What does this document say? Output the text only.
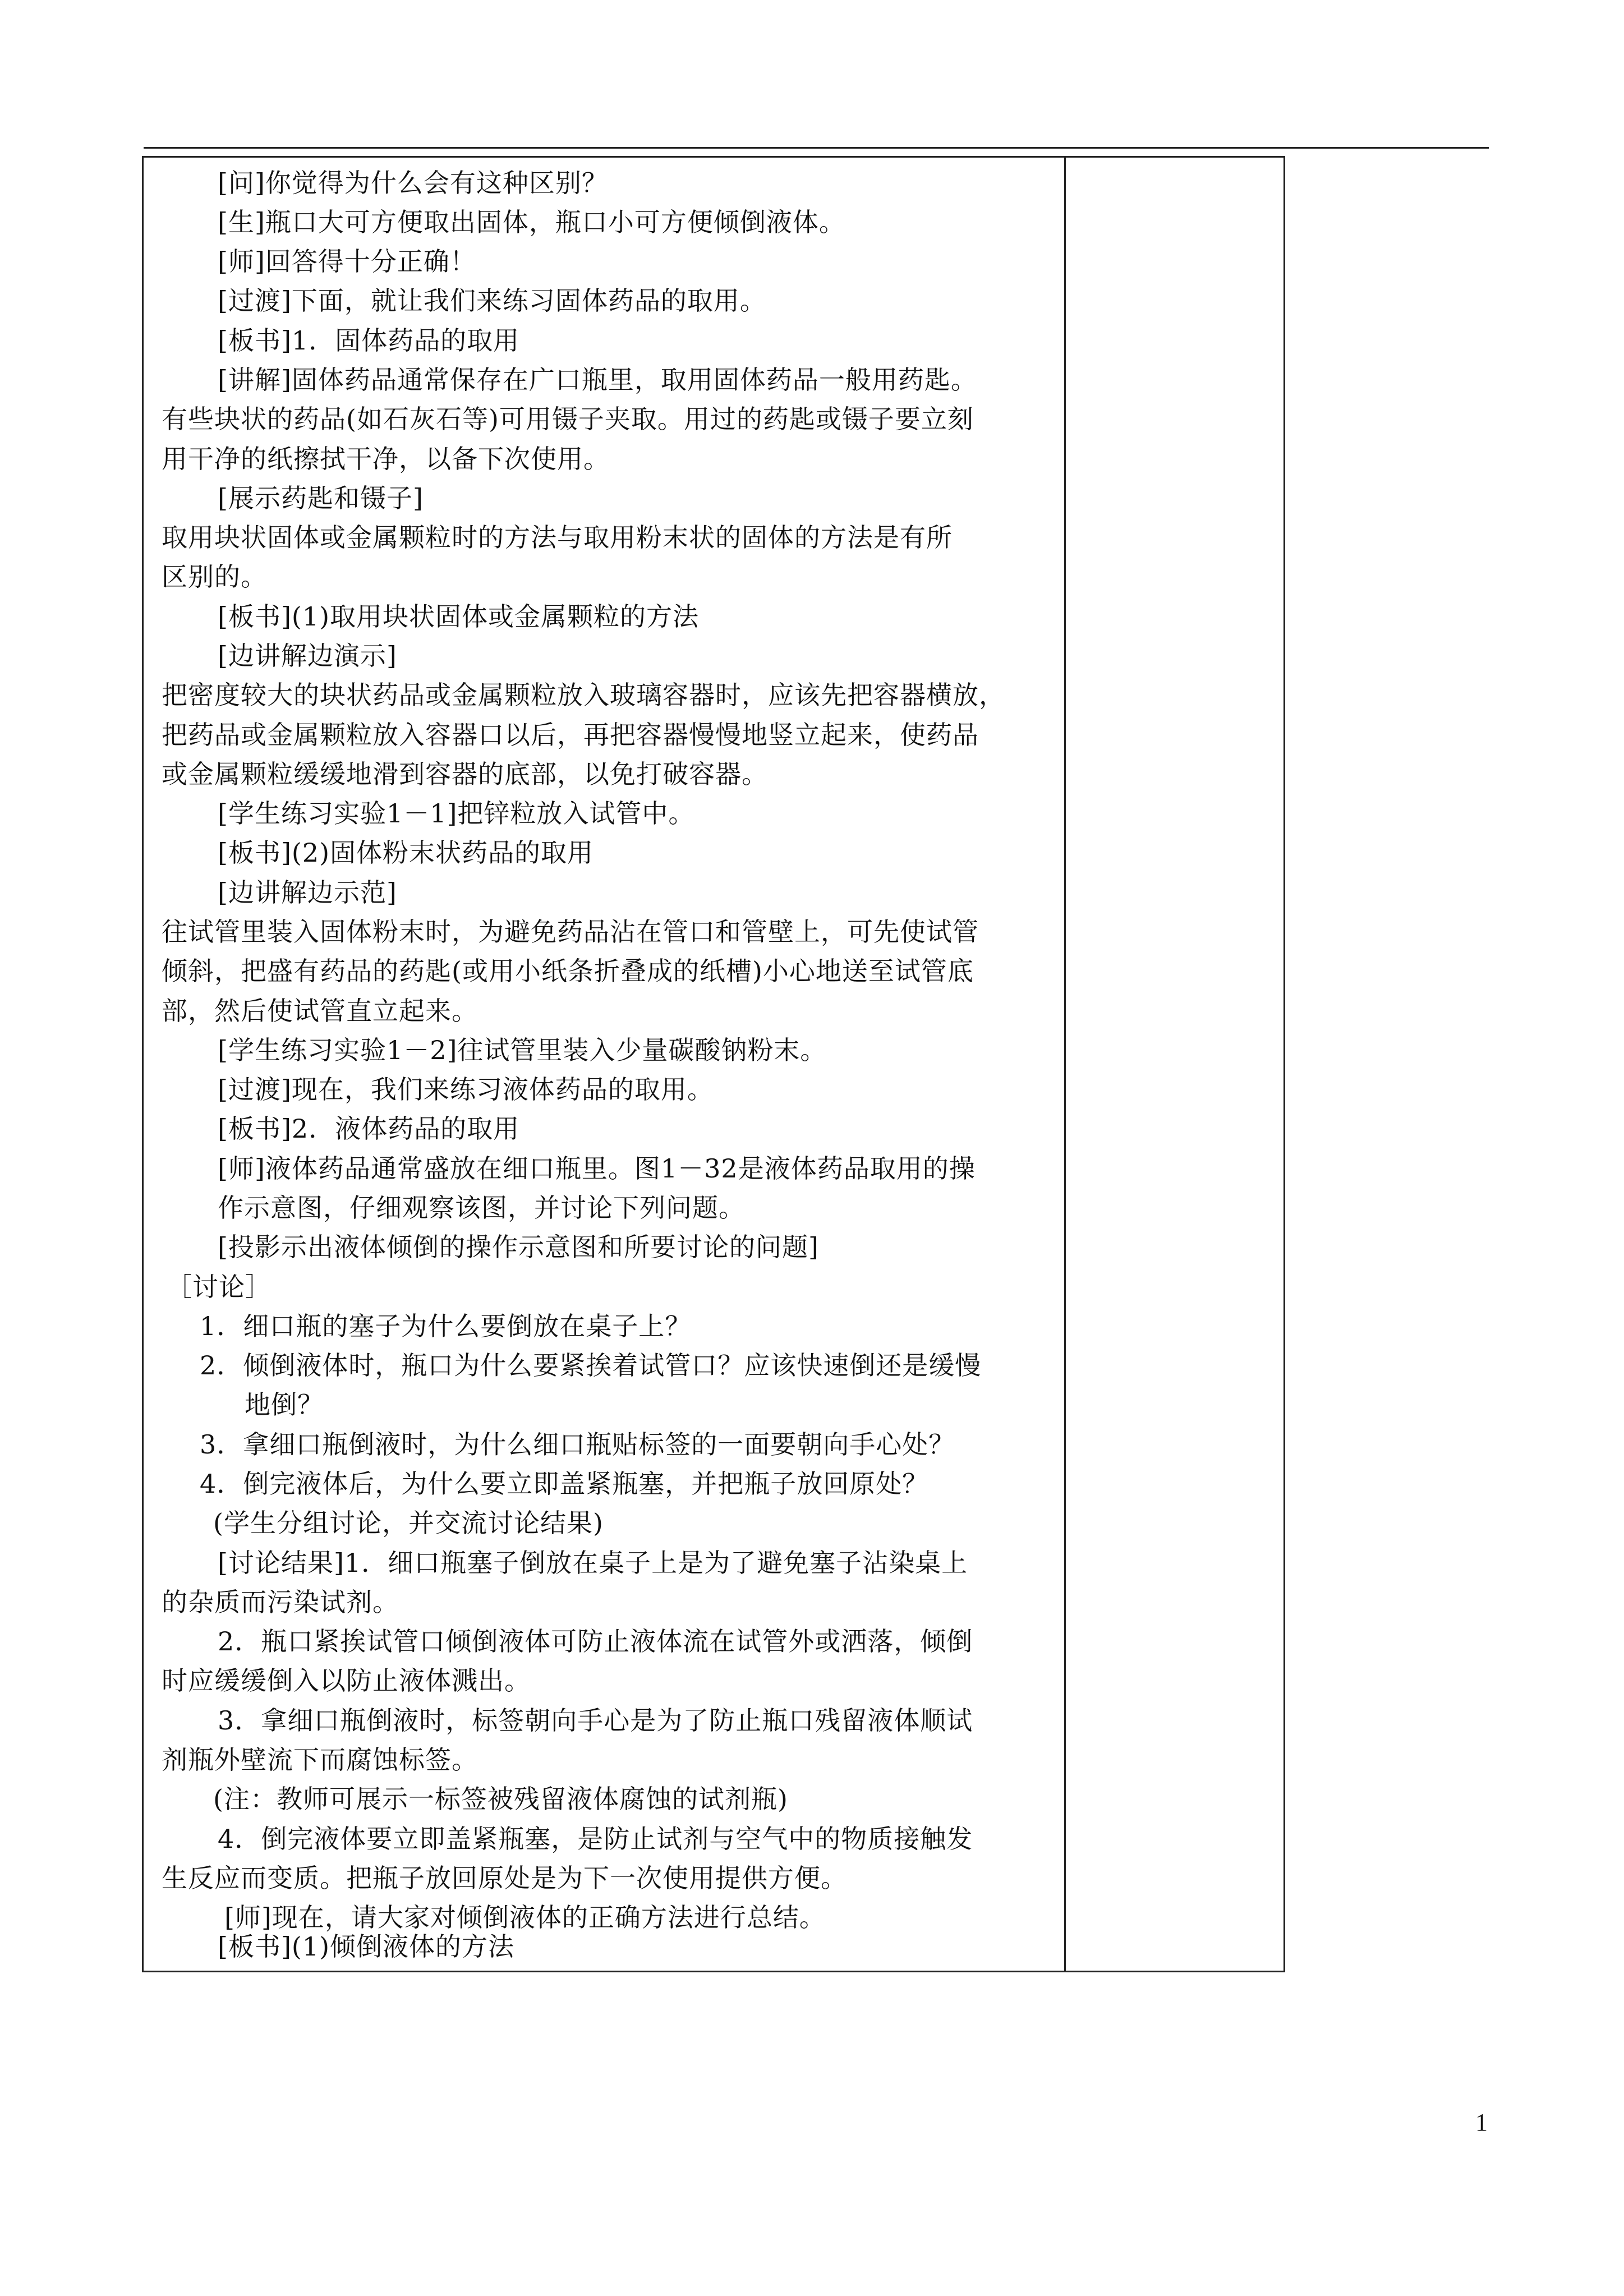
[问]你觉得为什么会有这种区别？
[生]瓶口大可方便取出固体，瓶口小可方便倾倒液体。
[师]回答得十分正确！
[过渡]下面，就让我们来练习固体药品的取用。
[板书]1．固体药品的取用
[讲解]固体药品通常保存在广口瓶里，取用固体药品一般用药匙。
有些块状的药品(如石灰石等)可用镊子夹取。用过的药匙或镊子要立刻
用干净的纸擦拭干净，以备下次使用。
[展示药匙和镊子]
取用块状固体或金属颗粒时的方法与取用粉末状的固体的方法是有所
区别的。
[板书](1)取用块状固体或金属颗粒的方法
[边讲解边演示]
把密度较大的块状药品或金属颗粒放入玻璃容器时，应该先把容器横放，
把药品或金属颗粒放入容器口以后，再把容器慢慢地竖立起来，使药品
或金属颗粒缓缓地滑到容器的底部，以免打破容器。
[学生练习实验1－1]把锌粒放入试管中。
[板书](2)固体粉末状药品的取用
[边讲解边示范]
往试管里装入固体粉末时，为避免药品沾在管口和管壁上，可先使试管
倾斜，把盛有药品的药匙(或用小纸条折叠成的纸槽)小心地送至试管底
部，然后使试管直立起来。
[学生练习实验1－2]往试管里装入少量碳酸钠粉末。
[过渡]现在，我们来练习液体药品的取用。
[板书]2．液体药品的取用
[师]液体药品通常盛放在细口瓶里。图1－32是液体药品取用的操
作示意图，仔细观察该图，并讨论下列问题。
[投影示出液体倾倒的操作示意图和所要讨论的问题]
［讨论］
1．细口瓶的塞子为什么要倒放在桌子上？
2．倾倒液体时，瓶口为什么要紧挨着试管口？应该快速倒还是缓慢
地倒？
3．拿细口瓶倒液时，为什么细口瓶贴标签的一面要朝向手心处？
4．倒完液体后，为什么要立即盖紧瓶塞，并把瓶子放回原处？
(学生分组讨论，并交流讨论结果)
[讨论结果]1．细口瓶塞子倒放在桌子上是为了避免塞子沾染桌上
的杂质而污染试剂。
2．瓶口紧挨试管口倾倒液体可防止液体流在试管外或洒落，倾倒
时应缓缓倒入以防止液体溅出。
3．拿细口瓶倒液时，标签朝向手心是为了防止瓶口残留液体顺试
剂瓶外壁流下而腐蚀标签。
(注：教师可展示一标签被残留液体腐蚀的试剂瓶)
4．倒完液体要立即盖紧瓶塞，是防止试剂与空气中的物质接触发
生反应而变质。把瓶子放回原处是为下一次使用提供方便。
[师]现在，请大家对倾倒液体的正确方法进行总结。
[板书](1)倾倒液体的方法
1
